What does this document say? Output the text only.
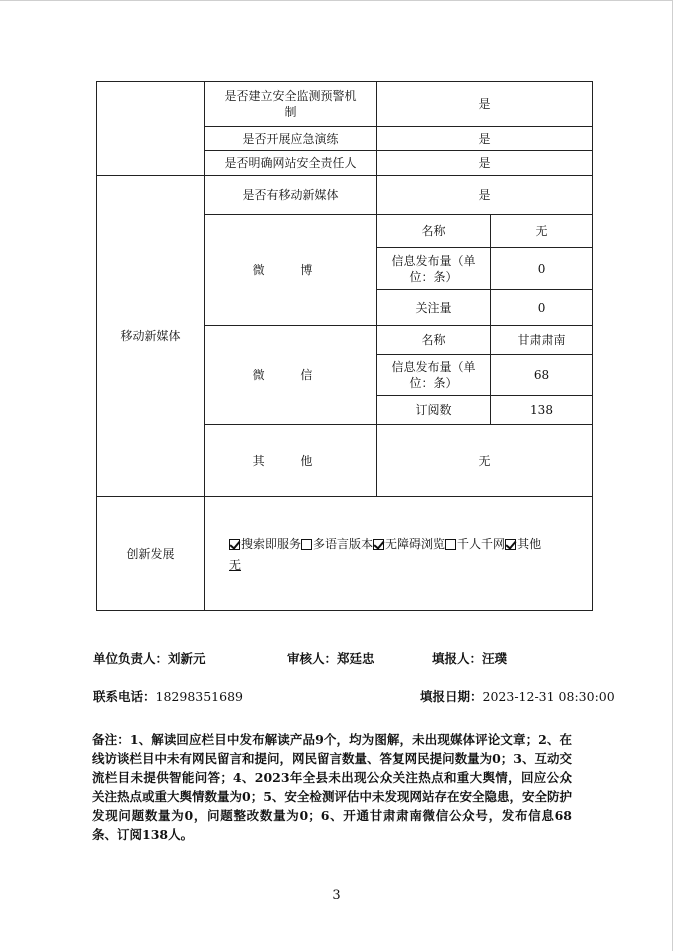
	是否建立安全监测预警机制	是	
	是否开展应急演练	是	
	是否明确网站安全责任人	是	
移动新媒体	是否有移动新媒体	是	
	微 博	名称	无
		信息发布量（单位：条）	0
		关注量	0
	微 信	名称	甘肃肃南
		信息发布量（单位：条）	68
		订阅数	138
	其 他	无	
创新发展	搜索即服务 多语言版本 无障碍浏览 千人千网 其他
无		
单位负责人：刘新元	审核人：郑廷忠	填报人：汪璞
联系电话：18298351689	填报日期：2023-12-31 08:30:00
备注：1、解读回应栏目中发布解读产品9个，均为图解，未出现媒体评论文章；2、在线访谈栏目中未有网民留言和提问，网民留言数量、答复网民提问数量为0；3、互动交流栏目未提供智能问答；4、2023年全县未出现公众关注热点和重大舆情，回应公众关注热点或重大舆情数量为0；5、安全检测评估中未发现网站存在安全隐患，安全防护发现问题数量为0，问题整改数量为0；6、开通甘肃肃南微信公众号，发布信息68条、订阅138人。
3
